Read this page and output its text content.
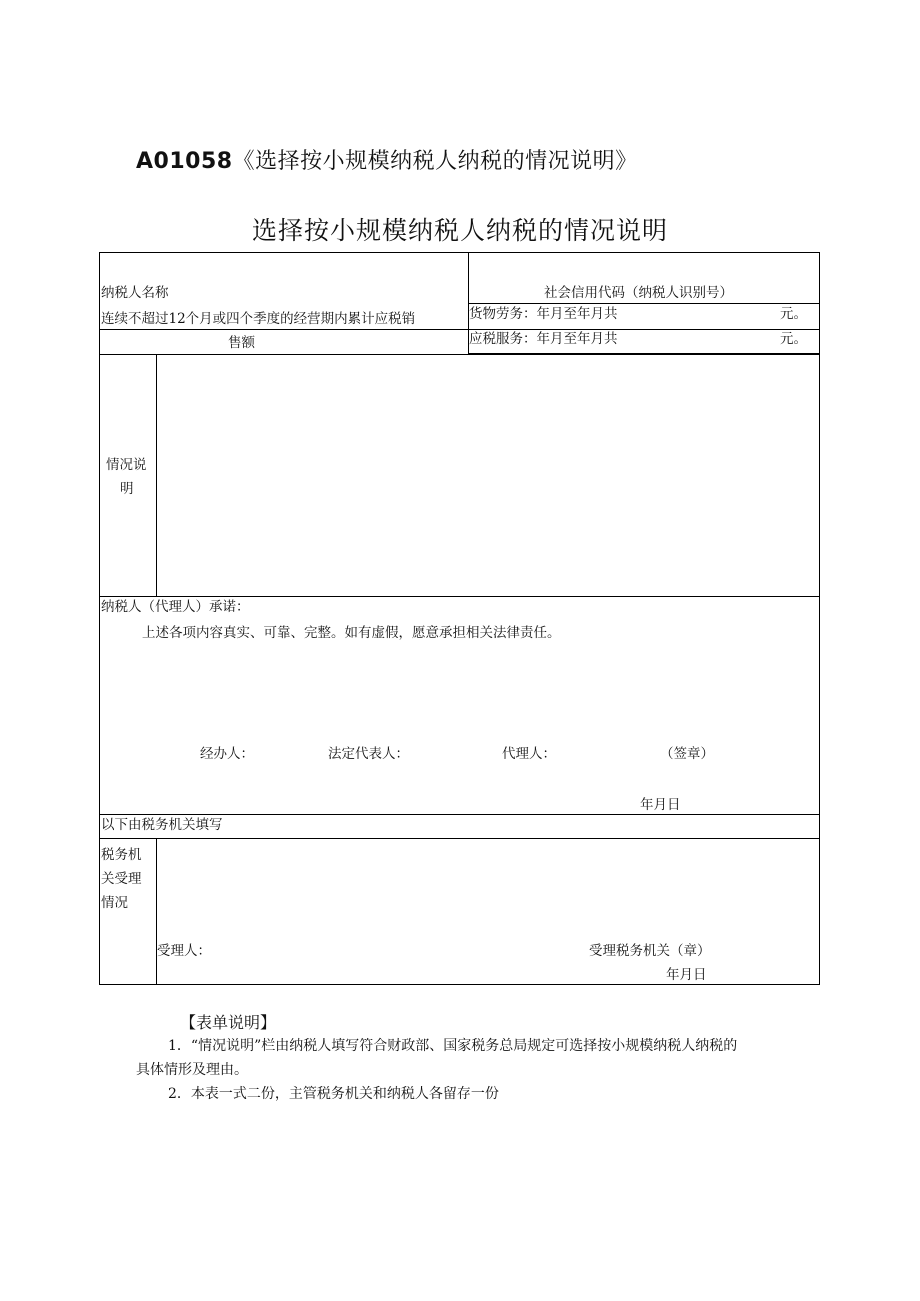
A01058《选择按小规模纳税人纳税的情况说明》
选择按小规模纳税人纳税的情况说明
纳税人名称	社会信用代码（纳税人识别号）
连续不超过12个月或四个季度的经营期内累计应税销
售额
货物劳务：年月至年月共	元。
应税服务：年月至年月共	元。
情况说
明
纳税人（代理人）承诺：
上述各项内容真实、可靠、完整。如有虚假，愿意承担相关法律责任。
经办人：	法定代表人：	代理人：	（签章）
年月日
以下由税务机关填写
税务机
关受理
情况
受理人：	受理税务机关（章）
年月日
【表单说明】
1．“情况说明”栏由纳税人填写符合财政部、国家税务总局规定可选择按小规模纳税人纳税的
具体情形及理由。
2．本表一式二份，主管税务机关和纳税人各留存一份
